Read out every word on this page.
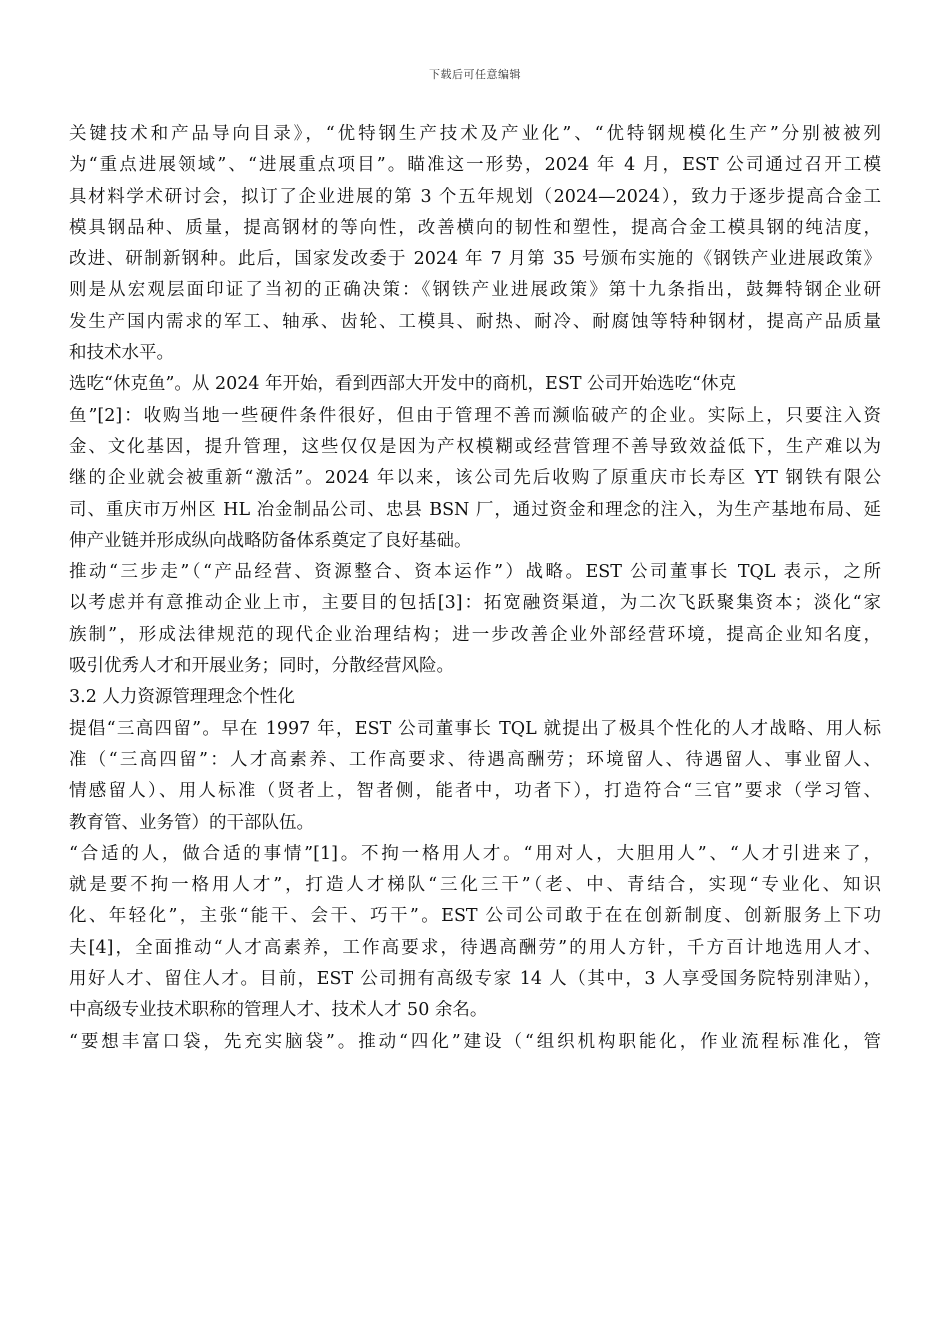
下载后可任意编辑
关键技术和产品导向目录》，“优特钢生产技术及产业化”、“优特钢规模化生产”分别被被列
为“重点进展领域”、“进展重点项目”。瞄准这一形势，2024 年 4 月，EST 公司通过召开工模
具材料学术研讨会，拟订了企业进展的第 3 个五年规划（2024—2024），致力于逐步提高合金工
模具钢品种、质量，提高钢材的等向性，改善横向的韧性和塑性，提高合金工模具钢的纯洁度，
改进、研制新钢种。此后，国家发改委于 2024 年 7 月第 35 号颁布实施的《钢铁产业进展政策》
则是从宏观层面印证了当初的正确决策：《钢铁产业进展政策》第十九条指出，鼓舞特钢企业研
发生产国内需求的军工、轴承、齿轮、工模具、耐热、耐冷、耐腐蚀等特种钢材，提高产品质量
和技术水平。
选吃“休克鱼”。从 2024 年开始，看到西部大开发中的商机，EST 公司开始选吃“休克
鱼”[2]：收购当地一些硬件条件很好，但由于管理不善而濒临破产的企业。实际上，只要注入资
金、文化基因，提升管理，这些仅仅是因为产权模糊或经营管理不善导致效益低下，生产难以为
继的企业就会被重新“激活”。2024 年以来，该公司先后收购了原重庆市长寿区 YT 钢铁有限公
司、重庆市万州区 HL 冶金制品公司、忠县 BSN 厂，通过资金和理念的注入，为生产基地布局、延
伸产业链并形成纵向战略防备体系奠定了良好基础。
推动“三步走”（“产品经营、资源整合、资本运作”）战略。EST 公司董事长 TQL 表示，之所
以考虑并有意推动企业上市，主要目的包括[3]：拓宽融资渠道，为二次飞跃聚集资本；淡化“家
族制”，形成法律规范的现代企业治理结构；进一步改善企业外部经营环境，提高企业知名度，
吸引优秀人才和开展业务；同时，分散经营风险。
3.2 人力资源管理理念个性化
提倡“三高四留”。早在 1997 年，EST 公司董事长 TQL 就提出了极具个性化的人才战略、用人标
准（“三高四留”：人才高素养、工作高要求、待遇高酬劳；环境留人、待遇留人、事业留人、
情感留人）、用人标准（贤者上，智者侧，能者中，功者下），打造符合“三官”要求（学习管、
教育管、业务管）的干部队伍。
“合适的人，做合适的事情”[1]。不拘一格用人才。“用对人，大胆用人”、“人才引进来了，
就是要不拘一格用人才”，打造人才梯队“三化三干”（老、中、青结合，实现“专业化、知识
化、年轻化”，主张“能干、会干、巧干”。EST 公司公司敢于在在创新制度、创新服务上下功
夫[4]，全面推动“人才高素养，工作高要求，待遇高酬劳”的用人方针，千方百计地选用人才、
用好人才、留住人才。目前，EST 公司拥有高级专家 14 人（其中，3 人享受国务院特别津贴），
中高级专业技术职称的管理人才、技术人才 50 余名。
“要想丰富口袋，先充实脑袋”。推动“四化”建设（“组织机构职能化，作业流程标准化，管
